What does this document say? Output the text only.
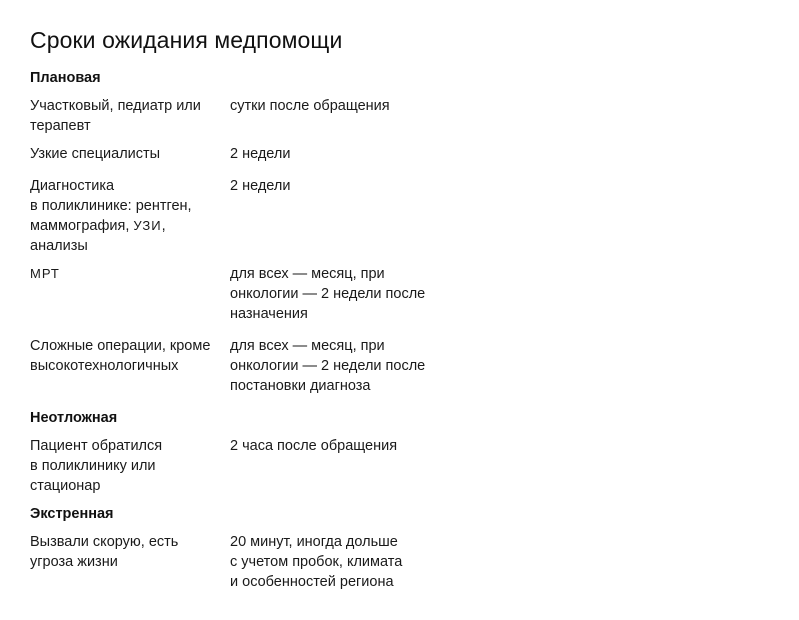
Сроки ожидания медпомощи
Плановая
Участковый, педиатр или
терапевт
сутки после обращения
Узкие специалисты	2 недели
Диагностика
в поликлинике: рентген,
маммография, УЗИ,
анализы
2 недели
МРТ	для всех — месяц, при
онкологии — 2 недели после
назначения
Сложные операции, кроме
высокотехнологичных
для всех — месяц, при
онкологии — 2 недели после
постановки диагноза
Неотложная
Пациент обратился
в поликлинику или
стационар
2 часа после обращения
Экстренная
Вызвали скорую, есть
угроза жизни
20 минут, иногда дольше
с учетом пробок, климата
и особенностей региона
